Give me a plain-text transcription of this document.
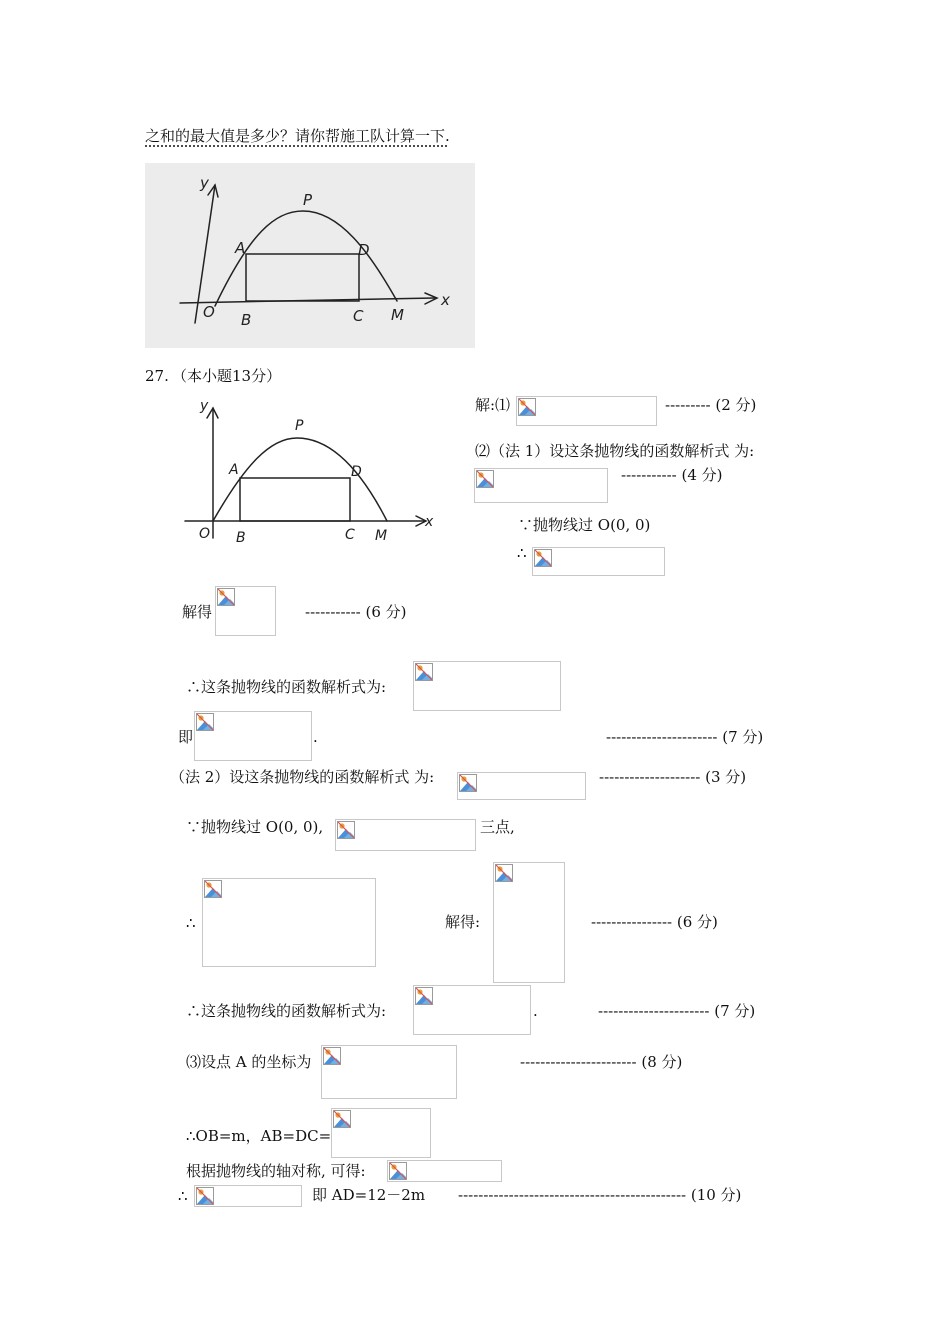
之和的最大值是多少？请你帮施工队计算一下.
y
x
P
A	D
O B	C M
27. （本小题13分）
y
x
P
A	D
O B	C M
解:⑴	--------- (2 分)
⑵（法 1）设这条抛物线的函数解析式 为:
----------- (4 分)
∵抛物线过 O(0, 0)
∴
解得	----------- (6 分)
∴这条抛物线的函数解析式为:
即	.	---------------------- (7 分)
（法 2）设这条抛物线的函数解析式 为:	-------------------- (3 分)
∵抛物线过 O(0, 0),	三点,
∴	解得:	---------------- (6 分)
∴这条抛物线的函数解析式为:	.	---------------------- (7 分)
⑶设点 A 的坐标为	----------------------- (8 分)
∴OB=m，AB=DC=
根据抛物线的轴对称, 可得:
∴	即 AD=12－2m --------------------------------------------- (10 分)
